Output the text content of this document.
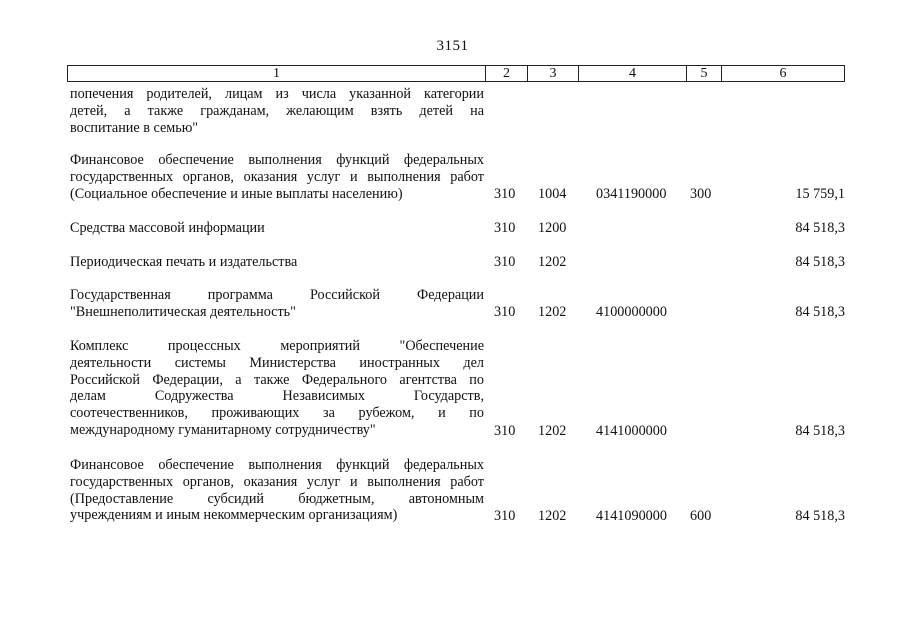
3151
1	2	3	4	5	6
попечения родителей, лицам из числа указанной категории
детей, а также гражданам, желающим взять детей на
воспитание в семью"
Финансовое обеспечение выполнения функций федеральных
государственных органов, оказания услуг и выполнения работ
(Социальное обеспечение и иные выплаты населению)	310 1004 0341190000 300	15 759,1
Средства массовой информации	310 1200	84 518,3
Периодическая печать и издательства	310 1202	84 518,3
Государственная программа Российской Федерации
"Внешнеполитическая деятельность"	310 1202 4100000000	84 518,3
Комплекс процессных мероприятий "Обеспечение
деятельности системы Министерства иностранных дел
Российской Федерации, а также Федерального агентства по
делам Содружества Независимых Государств,
соотечественников, проживающих за рубежом, и по
международному гуманитарному сотрудничеству"	310 1202 4141000000	84 518,3
Финансовое обеспечение выполнения функций федеральных
государственных органов, оказания услуг и выполнения работ
(Предоставление субсидий бюджетным, автономным
учреждениям и иным некоммерческим организациям)	310 1202 4141090000 600	84 518,3
